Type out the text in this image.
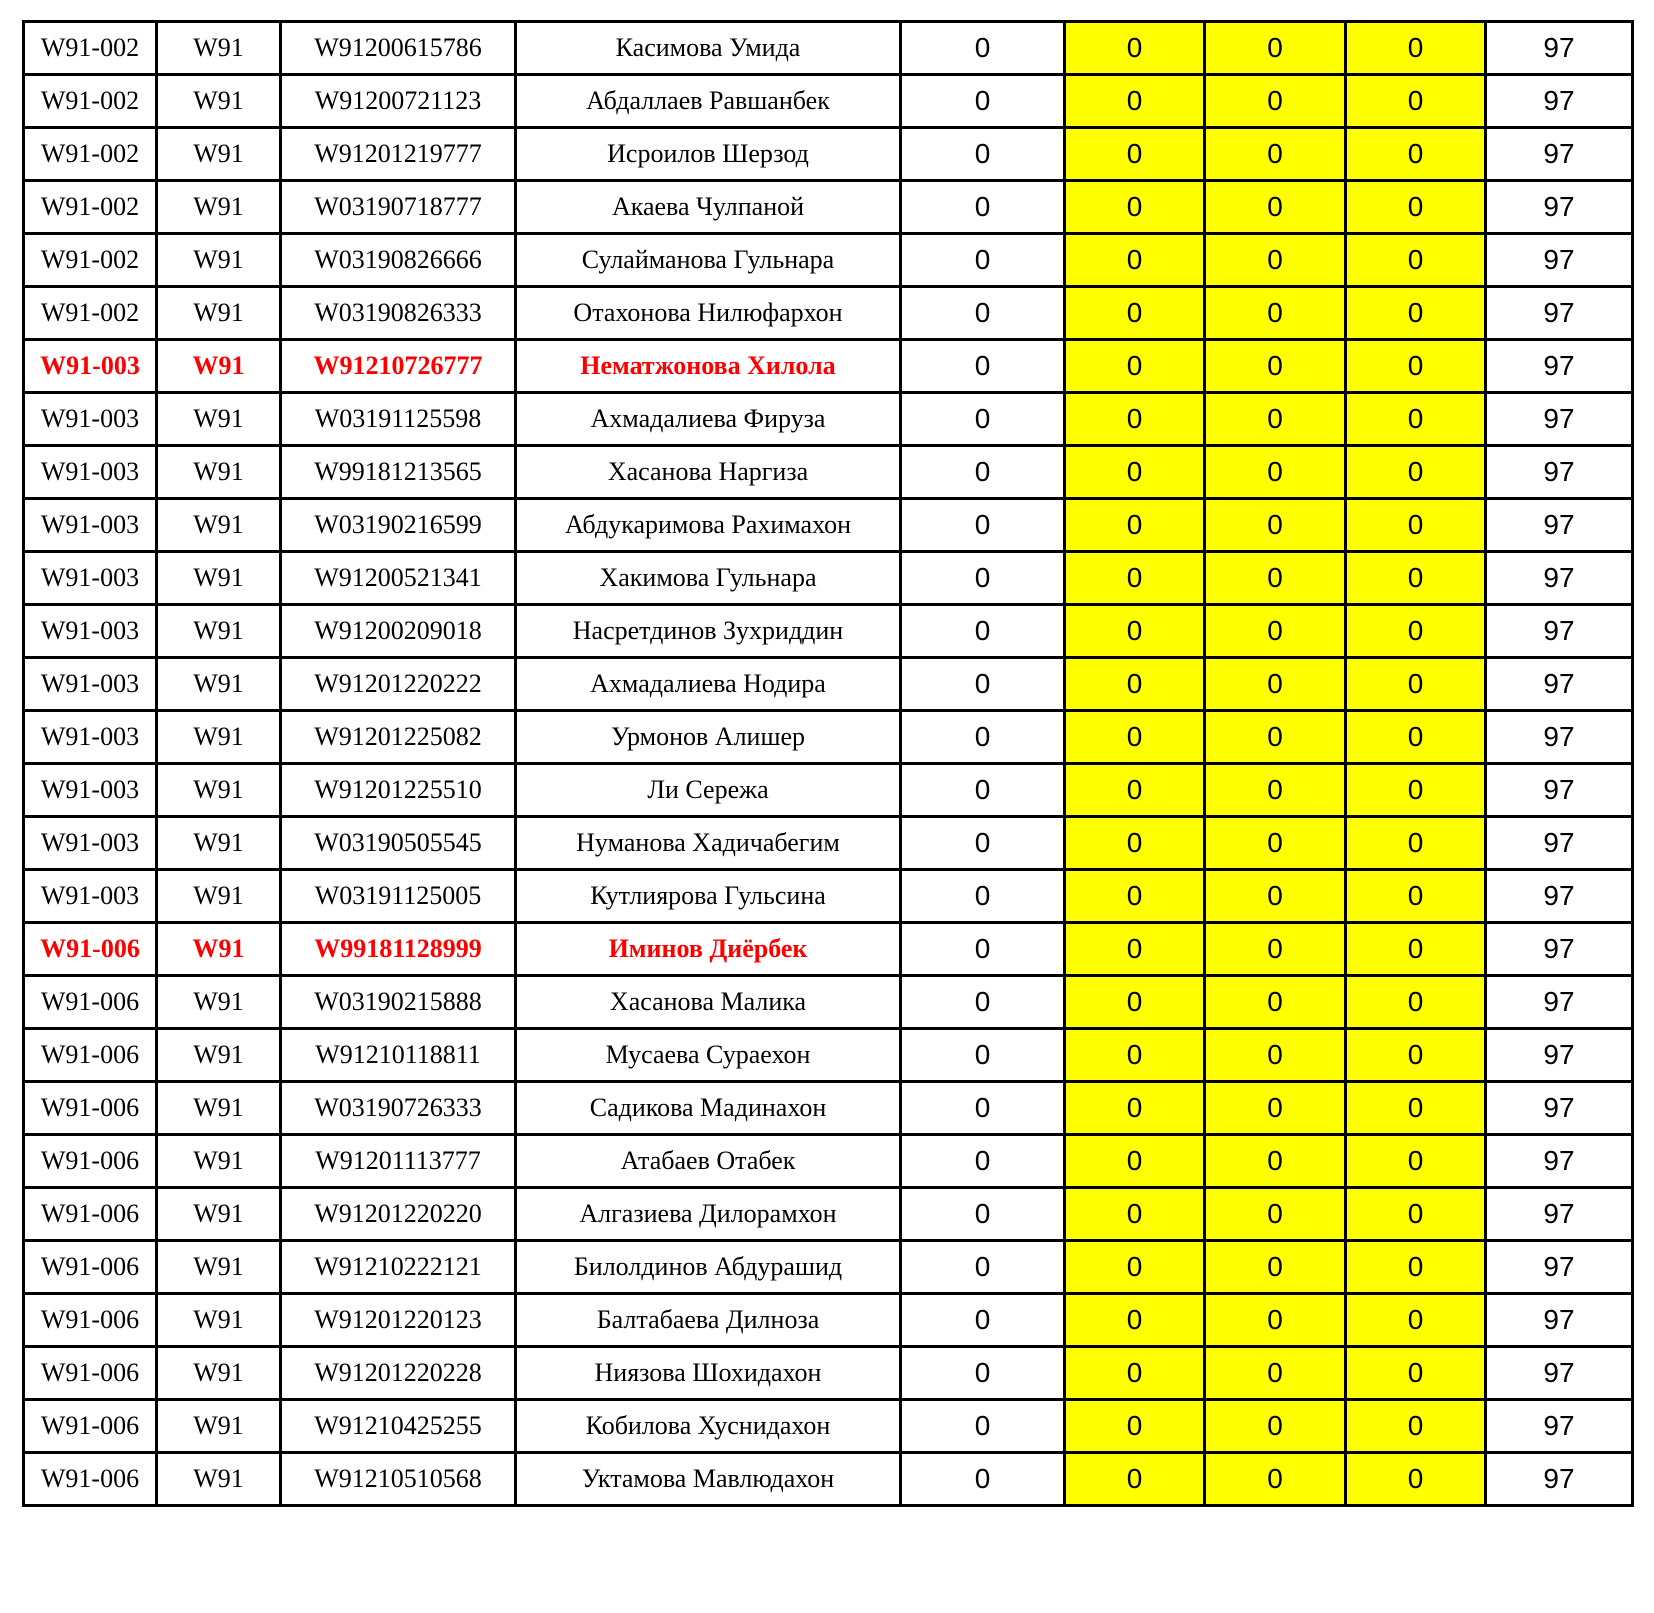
W91-002	W91	W91200615786	Касимова Умида	0	0	0	0	97
W91-002	W91	W91200721123	Абдаллаев Равшанбек	0	0	0	0	97
W91-002	W91	W91201219777	Исроилов Шерзод	0	0	0	0	97
W91-002	W91	W03190718777	Акаева Чулпаной	0	0	0	0	97
W91-002	W91	W03190826666	Сулайманова Гульнара	0	0	0	0	97
W91-002	W91	W03190826333	Отахонова Нилюфархон	0	0	0	0	97
W91-003	W91	W91210726777	Нематжонова Хилола	0	0	0	0	97
W91-003	W91	W03191125598	Ахмадалиева Фируза	0	0	0	0	97
W91-003	W91	W99181213565	Хасанова Наргиза	0	0	0	0	97
W91-003	W91	W03190216599	Абдукаримова Рахимахон	0	0	0	0	97
W91-003	W91	W91200521341	Хакимова Гульнара	0	0	0	0	97
W91-003	W91	W91200209018	Насретдинов Зухриддин	0	0	0	0	97
W91-003	W91	W91201220222	Ахмадалиева Нодира	0	0	0	0	97
W91-003	W91	W91201225082	Урмонов Алишер	0	0	0	0	97
W91-003	W91	W91201225510	Ли Сережа	0	0	0	0	97
W91-003	W91	W03190505545	Нуманова Хадичабегим	0	0	0	0	97
W91-003	W91	W03191125005	Кутлиярова Гульсина	0	0	0	0	97
W91-006	W91	W99181128999	Иминов Диёрбек	0	0	0	0	97
W91-006	W91	W03190215888	Хасанова Малика	0	0	0	0	97
W91-006	W91	W91210118811	Мусаева Сураехон	0	0	0	0	97
W91-006	W91	W03190726333	Садикова Мадинахон	0	0	0	0	97
W91-006	W91	W91201113777	Атабаев Отабек	0	0	0	0	97
W91-006	W91	W91201220220	Алгазиева Дилорамхон	0	0	0	0	97
W91-006	W91	W91210222121	Билолдинов Абдурашид	0	0	0	0	97
W91-006	W91	W91201220123	Балтабаева Дилноза	0	0	0	0	97
W91-006	W91	W91201220228	Ниязова Шохидахон	0	0	0	0	97
W91-006	W91	W91210425255	Кобилова Хуснидахон	0	0	0	0	97
W91-006	W91	W91210510568	Уктамова Мавлюдахон	0	0	0	0	97
